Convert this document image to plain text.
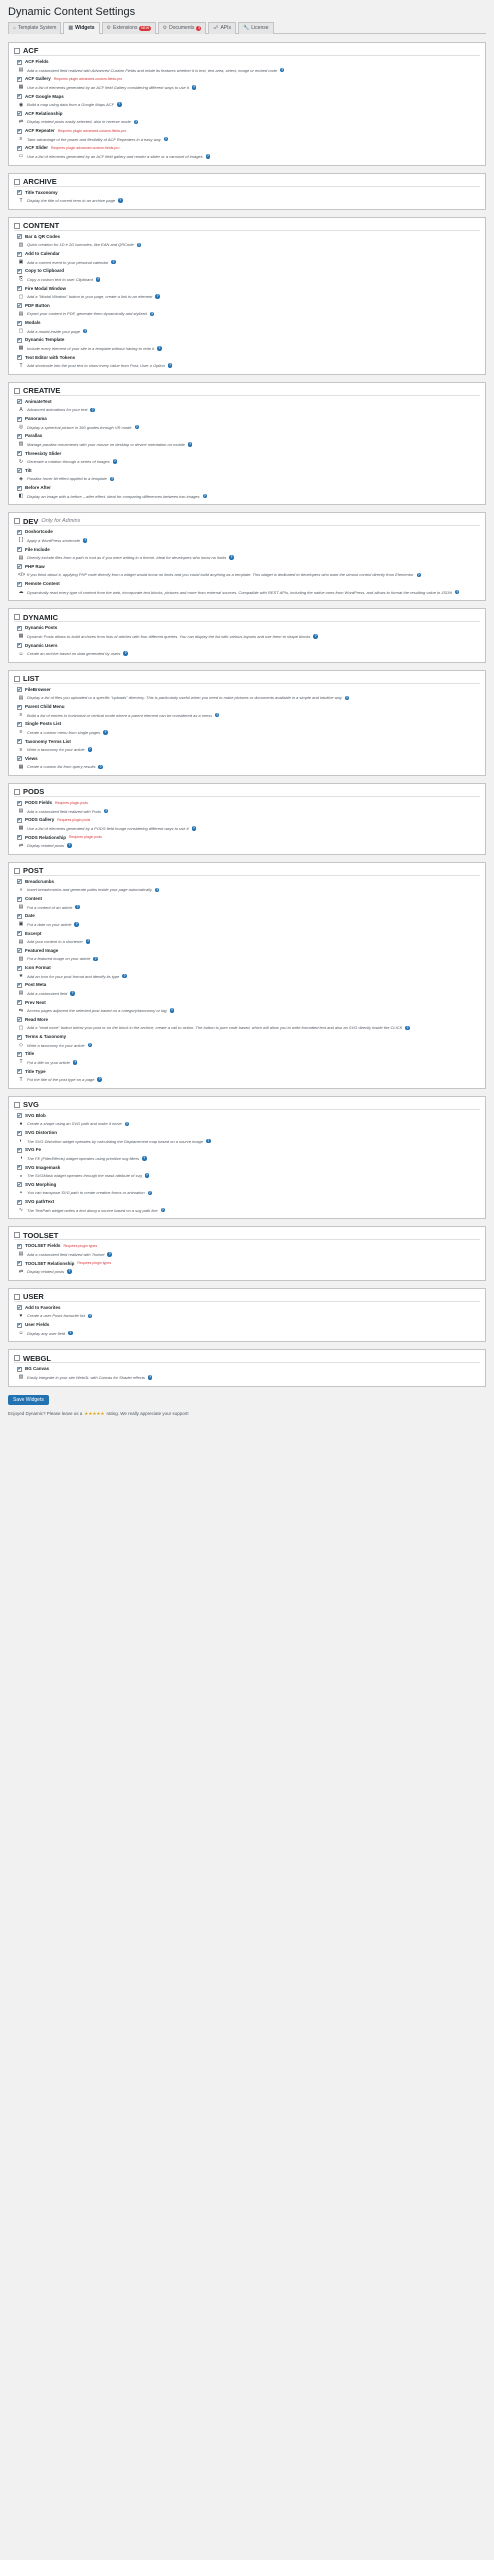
Dynamic Content Settings
⌂ Template System ▦ Widgets ⚙ Extensions	NEW	⚙ Documents	3	☍ APIs 🔧 License
ACF
✔ ACF Fields
▤ Add a customized field realized with Advanced Custom Fields and relate its features whether it is text, text area, select, image or embed code	?
✔ ACF Gallery Requires plugin advanced-custom-fields-pro
▦ Use a list of elements generated by an ACF field Gallery considering different ways to use it	?
✔ ACF Google Maps
◉ Build a map using data from a Google Maps ACF	?
✔ ACF Relationship
⇄ Display related posts easily selected, also in reverse mode	?
✔ ACF Repeater Requires plugin advanced-custom-fields-pro
≡	Take advantage of the power and flexibility of ACF Repeaters in a easy way	?
✔ ACF Slider Requires plugin advanced-custom-fields-pro
▭ Use a list of elements generated by an ACF field gallery and render a slider or a carousel of images	?
ARCHIVE
✔ Title Taxonomy
T	Display the title of current term in an archive page	?
CONTENT
✔ Bar & QR Codes
▥ Quick creation for 1D e 2D barcodes, like EAN and QRCode	?
✔ Add to Calendar
▣ Add a current event to your personal calendar	?
✔ Copy to Clipboard
⎘ Copy a custom text to user Clipboard	?
✔ Fire Modal Window
▢ Add a "Modal Window" button to your page, create a link to an element	?
✔ PDF Button
▤ Export your content in PDF, generate them dynamically and stylized	?
✔ Modals
▢ Add a modal inside your page	?
✔ Dynamic Template
▦ Include every element of your site in a template without having to redo it	?
✔ Text Editor with Tokens
T	Add shortcode into the post text to show every value from Post, User o Option	?
CREATIVE
✔ AnimateText
A	Advanced animations for your text	?
✔ Panorama
◎ Display a spherical picture in 360 grades through VR mode	?
✔ Parallax
▨ Manage parallax movements with your mouse on desktop or device orientation on mobile	?
✔ Threesixty Slider
↻ Generate a rotation through a series of images	?
✔ Tilt
◈ Parallax hover tilt effect applied to a template	?
✔ Before After
◧ Display an image with a before – after effect, ideal for comparing differences between two images	?
DEV Only for Admins
✔ Doshortcode
[ ] Apply a WordPress shortcode	?
✔ File Include
▤ Directly include files from a path in root as if you were writing in a theme. Ideal for developers who know no limits	?
✔ PHP Raw
</> If you think about it, applying PHP code directly from a widget would know no limits and you could build anything as a template. This widget is dedicated to developers who want the utmost control directly from Elementor	?
✔ Remote Content
☁ Dynamically read every type of content from the web, incorporate text blocks, pictures and more from external sources. Compatible with REST APIs, including the native ones from WordPress, and allows to format the resulting value in JSON	?
DYNAMIC
✔ Dynamic Posts
▦ Dynamic Posts allows to build archives from lists of articles with four different queries. You can display the list with various layouts and use them to shape blocks	?
✔ Dynamic Users
☺ Create an archive based on data generated by users	?
LIST
✔ FileBrowser
▤ Display a list of files you uploaded or a specific "uploads" directory. This is particularly useful when you need to make pictures or documents available in a simple and intuitive way	?
✔ Parent Child Menu
≡	Build a list of entries in horizontal or vertical mode where a parent element can be considered as a menu	?
✔ Single Posts List
≡	Create a custom menu from single pages	?
✔ Taxonomy Terms List
≡	Write a taxonomy for your article	?
✔ Views
▦ Create a custom list from query results	?
PODS
✔ PODS Fields Requires plugin pods
▤ Add a customized field realized with Pods	?
✔ PODS Gallery Requires plugin pods
▦ Use a list of elements generated by a PODS field Image considering different ways to use it	?
✔ PODS Relationship Requires plugin pods
⇄ Display related posts	?
POST
✔ Breadcrumbs
»	Insert breadcrumbs and generate paths inside your page automatically	?
✔ Content
▤ Put a content of an article	?
✔ Date
▣ Put a date on your article	?
✔ Excerpt
▤ Add your content in a shortener	?
✔ Featured Image
▨ Put a featured image on your article	?
✔ Icon Format
★ Add an icon for your post format and identify its type	?
✔ Post Meta
▤ Add a customized field	?
✔ Prev Next
⇆ Access pages adjacent the selected post based on a category/taxonomy or tag	?
✔ Read More
▢ Add a "read more" button below your post or on the block in the archive, create a call to action. The button is pure code based, which will allow you to write formatted text and also an SVG directly inside the CLICK	?
✔ Terms & Taxonomy
◇ Write a taxonomy for your article	?
✔ Title
T	Put a title on your article	?
✔ Title Type
T	Put the title of the post type on a page	?
SVG
✔ SVG Blob
●	Create a shape using an SVG path and make it move	?
✔ SVG Distortion
◐	The SVG Distortion widget operates by calculating the Displacement map based on a source image	?
✔ SVG Fe
◑	The FE (FilterEffects) widget operates using primitive svg filters	?
✔ SVG Imagemask
◒	The SVGMask widget operates through the mask attribute of svg	?
✔ SVG Morphing
◓	You can transpose SVG path to create creative forms or animation	?
✔ SVG pathText
∿ The TextPath widget writes a text along a source based on a svg path line	?
TOOLSET
✔ TOOLSET Fields Requires plugin types
▤ Add a customized field realized with Toolset	?
✔ TOOLSET Relationship Requires plugin types
⇄ Display related posts	?
USER
✔ Add to Favorites
♥	Create a user Posts favourite list	?
✔ User Fields
☺ Display any user field	?
WEBGL
✔ BG Canvas
▨ Easily integrate in your site WebGL with Canvas for Shader effects	?
Save Widgets
Enjoyed Dynamic? Please leave us a ★★★★★ rating. We really appreciate your support!
